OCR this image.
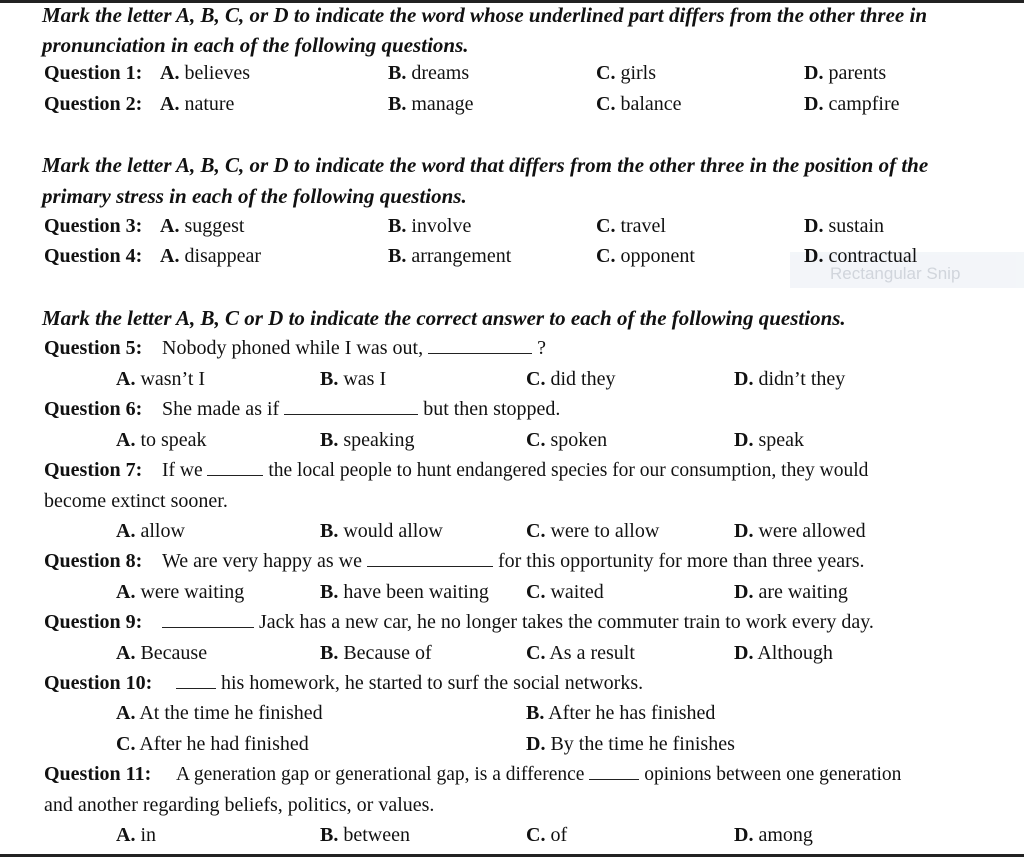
Mark the letter A, B, C, or D to indicate the word whose underlined part differs from the other three in
pronunciation in each of the following questions.
Question 1: A. believes	B. dreams	C. girls	D. parents
Question 2: A. nature	B. manage	C. balance	D. campfire
Mark the letter A, B, C, or D to indicate the word that differs from the other three in the position of the
primary stress in each of the following questions.
Question 3: A. suggest	B. involve	C. travel	D. sustain
Rectangular Snip
Question 4: A. disappear	B. arrangement	C. opponent	D. contractual
Mark the letter A, B, C or D to indicate the correct answer to each of the following questions.
Question 5: Nobody phoned while I was out,	?
A. wasn’t I	B. was I	C. did they	D. didn’t they
Question 6: She made as if	but then stopped.
A. to speak	B. speaking	C. spoken	D. speak
Question 7: If we	the local people to hunt endangered species for our consumption, they would
become extinct sooner.
A. allow	B. would allow	C. were to allow	D. were allowed
Question 8: We are very happy as we	for this opportunity for more than three years.
A. were waiting	B. have been waiting C. waited	D. are waiting
Question 9:	Jack has a new car, he no longer takes the commuter train to work every day.
A. Because	B. Because of	C. As a result	D. Although
Question 10:	his homework, he started to surf the social networks.
A. At the time he finished	B. After he has finished
C. After he had finished	D. By the time he finishes
Question 11: A generation gap or generational gap, is a difference	opinions between one generation
and another regarding beliefs, politics, or values.
A. in	B. between	C. of	D. among
